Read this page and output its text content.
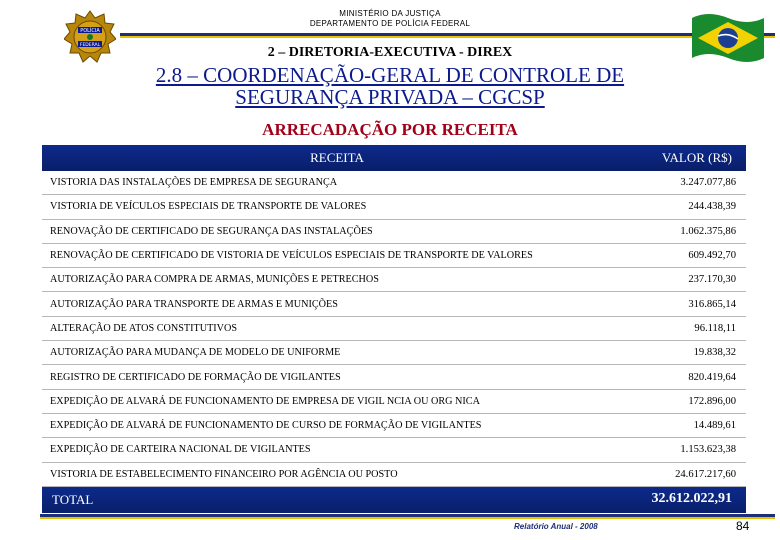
MINISTÉRIO DA JUSTIÇA
DEPARTAMENTO DE POLÍCIA FEDERAL
POLÍCIA
FEDERAL	2 – DIRETORIA-EXECUTIVA - DIREX
2.8 – COORDENAÇÃO-GERAL DE CONTROLE DE
SEGURANÇA PRIVADA – CGCSP
ARRECADAÇÃO POR RECEITA
RECEITA	VALOR (R$)
VISTORIA DAS INSTALAÇÕES DE EMPRESA DE SEGURANÇA	3.247.077,86
VISTORIA DE VEÍCULOS ESPECIAIS DE TRANSPORTE DE VALORES	244.438,39
RENOVAÇÃO DE CERTIFICADO DE SEGURANÇA DAS INSTALAÇÕES	1.062.375,86
RENOVAÇÃO DE CERTIFICADO DE VISTORIA DE VEÍCULOS ESPECIAIS DE TRANSPORTE DE VALORES	609.492,70
AUTORIZAÇÃO PARA COMPRA DE ARMAS, MUNIÇÕES E PETRECHOS	237.170,30
AUTORIZAÇÃO PARA TRANSPORTE DE ARMAS E MUNIÇÕES	316.865,14
ALTERAÇÃO DE ATOS CONSTITUTIVOS	96.118,11
AUTORIZAÇÃO PARA MUDANÇA DE MODELO DE UNIFORME	19.838,32
REGISTRO DE CERTIFICADO DE FORMAÇÃO DE VIGILANTES	820.419,64
EXPEDIÇÃO DE ALVARÁ DE FUNCIONAMENTO DE EMPRESA DE VIGIL NCIA OU ORG NICA	172.896,00
EXPEDIÇÃO DE ALVARÁ DE FUNCIONAMENTO DE CURSO DE FORMAÇÃO DE VIGILANTES	14.489,61
EXPEDIÇÃO DE CARTEIRA NACIONAL DE VIGILANTES	1.153.623,38
VISTORIA DE ESTABELECIMENTO FINANCEIRO POR AGÊNCIA OU POSTO	24.617.217,60
TOTAL	32.612.022,91
Relatório Anual - 2008	84
